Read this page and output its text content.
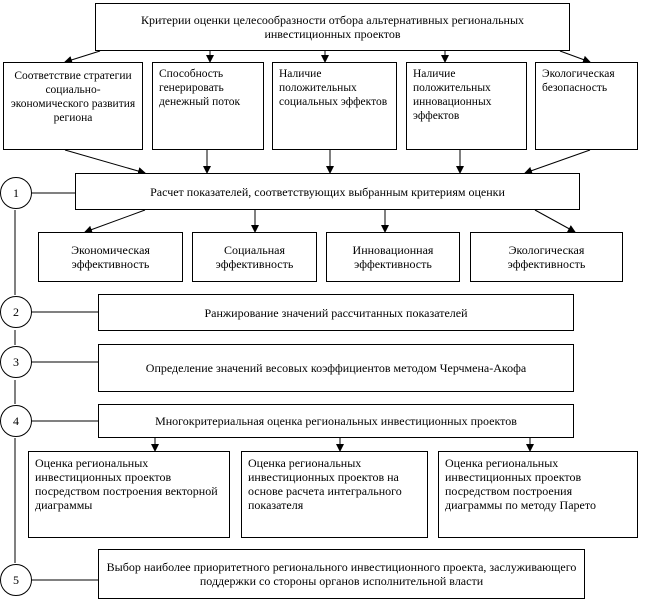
Критерии оценки целесообразности отбора альтернативных региональных инвестиционных проектов
Соответствие стратегии социально-экономического развития региона
Способность генерировать денежный поток
Наличие положительных социальных эффектов
Наличие положительных инновационных эффектов
Экологическая безопасность
1	Расчет показателей, соответствующих выбранным критериям оценки
Экономическая эффективность
Социальная эффективность
Инновационная эффективность
Экологическая эффективность
2	Ранжирование значений рассчитанных показателей
3	Определение значений весовых коэффициентов методом Черчмена-Акофа
4	Многокритериальная оценка региональных инвестиционных проектов
Оценка региональных инвестиционных проектов посредством построения векторной диаграммы
Оценка региональных инвестиционных проектов на основе расчета интегрального показателя
Оценка региональных инвестиционных проектов посредством построения диаграммы по методу Парето
5
Выбор наиболее приоритетного регионального инвестиционного проекта, заслуживающего поддержки со стороны органов исполнительной власти
